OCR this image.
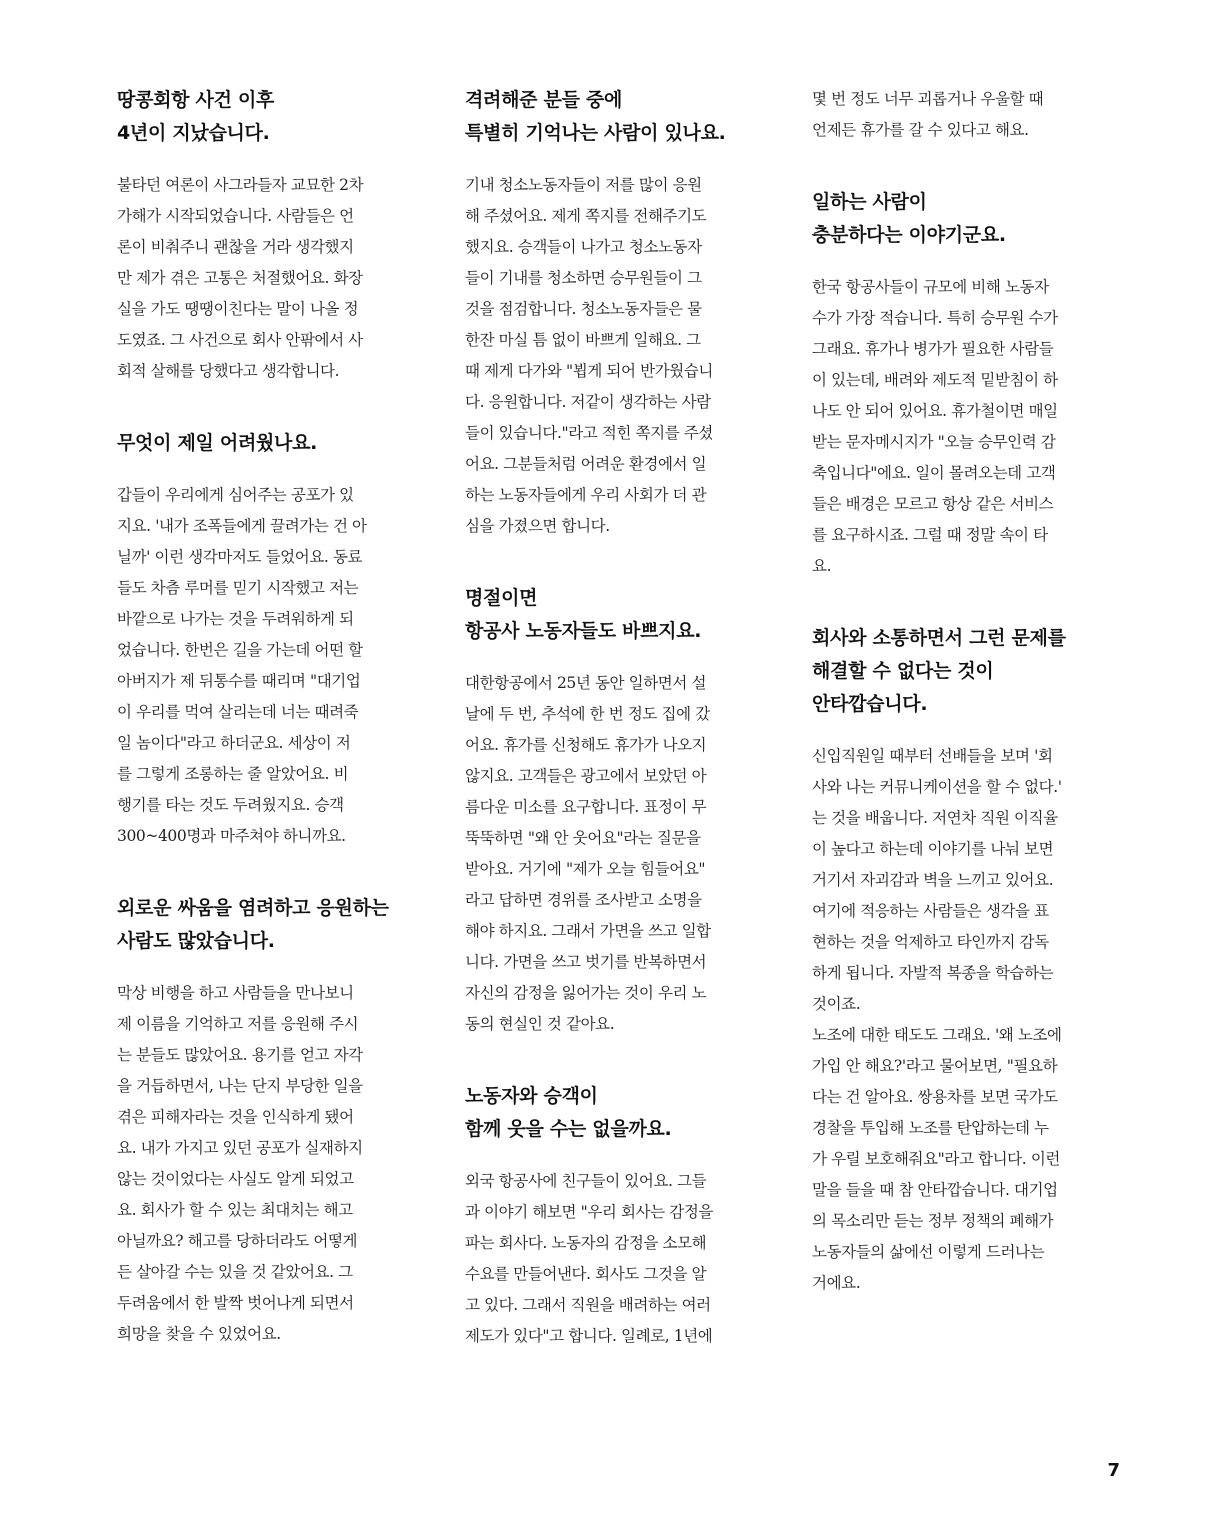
땅콩회항 사건 이후
4년이 지났습니다.

불타던 여론이 사그라들자 교묘한 2차
가해가 시작되었습니다. 사람들은 언
론이 비춰주니 괜찮을 거라 생각했지
만 제가 겪은 고통은 처절했어요. 화장
실을 가도 땡땡이친다는 말이 나올 정
도였죠. 그 사건으로 회사 안팎에서 사
회적 살해를 당했다고 생각합니다.

무엇이 제일 어려웠나요.

갑들이 우리에게 심어주는 공포가 있
지요. '내가 조폭들에게 끌려가는 건 아
닐까' 이런 생각마저도 들었어요. 동료
들도 차츰 루머를 믿기 시작했고 저는
바깥으로 나가는 것을 두려워하게 되
었습니다. 한번은 길을 가는데 어떤 할
아버지가 제 뒤통수를 때리며 "대기업
이 우리를 먹여 살리는데 너는 때려죽
일 놈이다"라고 하더군요. 세상이 저
를 그렇게 조롱하는 줄 알았어요. 비
행기를 타는 것도 두려웠지요. 승객
300~400명과 마주쳐야 하니까요.

외로운 싸움을 염려하고 응원하는
사람도 많았습니다.

막상 비행을 하고 사람들을 만나보니
제 이름을 기억하고 저를 응원해 주시
는 분들도 많았어요. 용기를 얻고 자각
을 거듭하면서, 나는 단지 부당한 일을
겪은 피해자라는 것을 인식하게 됐어
요. 내가 가지고 있던 공포가 실재하지
않는 것이었다는 사실도 알게 되었고
요. 회사가 할 수 있는 최대치는 해고
아닐까요? 해고를 당하더라도 어떻게
든 살아갈 수는 있을 것 같았어요. 그
두려움에서 한 발짝 벗어나게 되면서
희망을 찾을 수 있었어요.

격려해준 분들 중에
특별히 기억나는 사람이 있나요.

기내 청소노동자들이 저를 많이 응원
해 주셨어요. 제게 쪽지를 전해주기도
했지요. 승객들이 나가고 청소노동자
들이 기내를 청소하면 승무원들이 그
것을 점검합니다. 청소노동자들은 물
한잔 마실 틈 없이 바쁘게 일해요. 그
때 제게 다가와 "뵙게 되어 반가웠습니
다. 응원합니다. 저같이 생각하는 사람
들이 있습니다."라고 적힌 쪽지를 주셨
어요. 그분들처럼 어려운 환경에서 일
하는 노동자들에게 우리 사회가 더 관
심을 가졌으면 합니다.

명절이면
항공사 노동자들도 바쁘지요.

대한항공에서 25년 동안 일하면서 설
날에 두 번, 추석에 한 번 정도 집에 갔
어요. 휴가를 신청해도 휴가가 나오지
않지요. 고객들은 광고에서 보았던 아
름다운 미소를 요구합니다. 표정이 무
뚝뚝하면 "왜 안 웃어요"라는 질문을
받아요. 거기에 "제가 오늘 힘들어요"
라고 답하면 경위를 조사받고 소명을
해야 하지요. 그래서 가면을 쓰고 일합
니다. 가면을 쓰고 벗기를 반복하면서
자신의 감정을 잃어가는 것이 우리 노
동의 현실인 것 같아요.

노동자와 승객이
함께 웃을 수는 없을까요.

외국 항공사에 친구들이 있어요. 그들
과 이야기 해보면 "우리 회사는 감정을
파는 회사다. 노동자의 감정을 소모해
수요를 만들어낸다. 회사도 그것을 알
고 있다. 그래서 직원을 배려하는 여러
제도가 있다"고 합니다. 일례로, 1년에

몇 번 정도 너무 괴롭거나 우울할 때
언제든 휴가를 갈 수 있다고 해요.

일하는 사람이
충분하다는 이야기군요.

한국 항공사들이 규모에 비해 노동자
수가 가장 적습니다. 특히 승무원 수가
그래요. 휴가나 병가가 필요한 사람들
이 있는데, 배려와 제도적 밑받침이 하
나도 안 되어 있어요. 휴가철이면 매일
받는 문자메시지가 "오늘 승무인력 감
축입니다"에요. 일이 몰려오는데 고객
들은 배경은 모르고 항상 같은 서비스
를 요구하시죠. 그럴 때 정말 속이 타
요.

회사와 소통하면서 그런 문제를
해결할 수 없다는 것이
안타깝습니다.

신입직원일 때부터 선배들을 보며 '회
사와 나는 커뮤니케이션을 할 수 없다.'
는 것을 배웁니다. 저연차 직원 이직율
이 높다고 하는데 이야기를 나눠 보면
거기서 자괴감과 벽을 느끼고 있어요.
여기에 적응하는 사람들은 생각을 표
현하는 것을 억제하고 타인까지 감독
하게 됩니다. 자발적 복종을 학습하는
것이죠.
노조에 대한 태도도 그래요. '왜 노조에
가입 안 해요?'라고 물어보면, "필요하
다는 건 알아요. 쌍용차를 보면 국가도
경찰을 투입해 노조를 탄압하는데 누
가 우릴 보호해줘요"라고 합니다. 이런
말을 들을 때 참 안타깝습니다. 대기업
의 목소리만 듣는 정부 정책의 폐해가
노동자들의 삶에선 이렇게 드러나는
거에요.

7
